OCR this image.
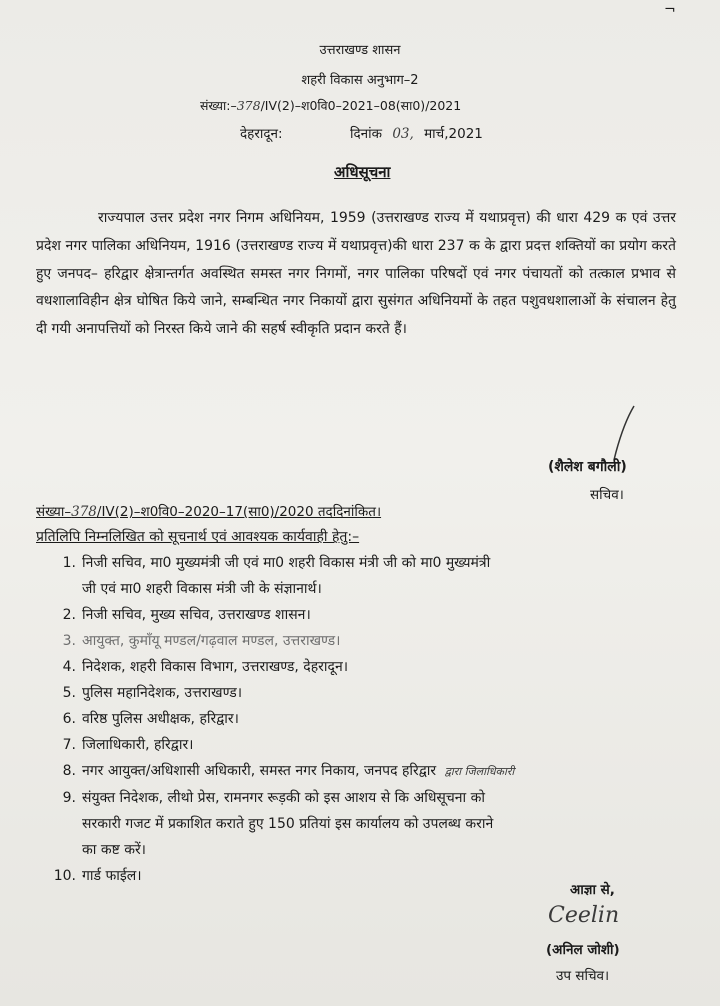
¬
उत्तराखण्ड शासन
शहरी विकास अनुभाग–2
संख्या:–378/IV(2)–श0वि0–2021–08(सा0)/2021
देहरादून:	दिनांक 03, मार्च,2021
अधिसूचना
राज्यपाल उत्तर प्रदेश नगर निगम अधिनियम, 1959 (उत्तराखण्ड राज्य में यथाप्रवृत्त) की धारा 429 क एवं उत्तर प्रदेश नगर पालिका अधिनियम, 1916 (उत्तराखण्ड राज्य में यथाप्रवृत्त)की धारा 237 क के द्वारा प्रदत्त शक्तियों का प्रयोग करते हुए जनपद– हरिद्वार क्षेत्रान्तर्गत अवस्थित समस्त नगर निगमों, नगर पालिका परिषदों एवं नगर पंचायतों को तत्काल प्रभाव से वधशालाविहीन क्षेत्र घोषित किये जाने, सम्बन्धित नगर निकायों द्वारा सुसंगत अधिनियमों के तहत पशुवधशालाओं के संचालन हेतु दी गयी अनापत्तियों को निरस्त किये जाने की सहर्ष स्वीकृति प्रदान करते हैं।
(शैलेश बगौली)
सचिव।
संख्या–378/IV(2)–श0वि0–2020–17(सा0)/2020 तददिनांकित।
प्रतिलिपि निम्नलिखित को सूचनार्थ एवं आवश्यक कार्यवाही हेतु:–
1. निजी सचिव, मा0 मुख्यमंत्री जी एवं मा0 शहरी विकास मंत्री जी को मा0 मुख्यमंत्री
जी एवं मा0 शहरी विकास मंत्री जी के संज्ञानार्थ।
2. निजी सचिव, मुख्य सचिव, उत्तराखण्ड शासन।
3. आयुक्त, कुमाँयू मण्डल/गढ़वाल मण्डल, उत्तराखण्ड।
4. निदेशक, शहरी विकास विभाग, उत्तराखण्ड, देहरादून।
5. पुलिस महानिदेशक, उत्तराखण्ड।
6. वरिष्ठ पुलिस अधीक्षक, हरिद्वार।
7. जिलाधिकारी, हरिद्वार।
8. नगर आयुक्त/अधिशासी अधिकारी, समस्त नगर निकाय, जनपद हरिद्वार द्वारा जिलाधिकारी
9. संयुक्त निदेशक, लीथो प्रेस, रामनगर रूड़की को इस आशय से कि अधिसूचना को
सरकारी गजट में प्रकाशित कराते हुए 150 प्रतियां इस कार्यालय को उपलब्ध कराने
का कष्ट करें।
10. गार्ड फाईल।
आज्ञा से,
Ceelin
(अनिल जोशी)
उप सचिव।
